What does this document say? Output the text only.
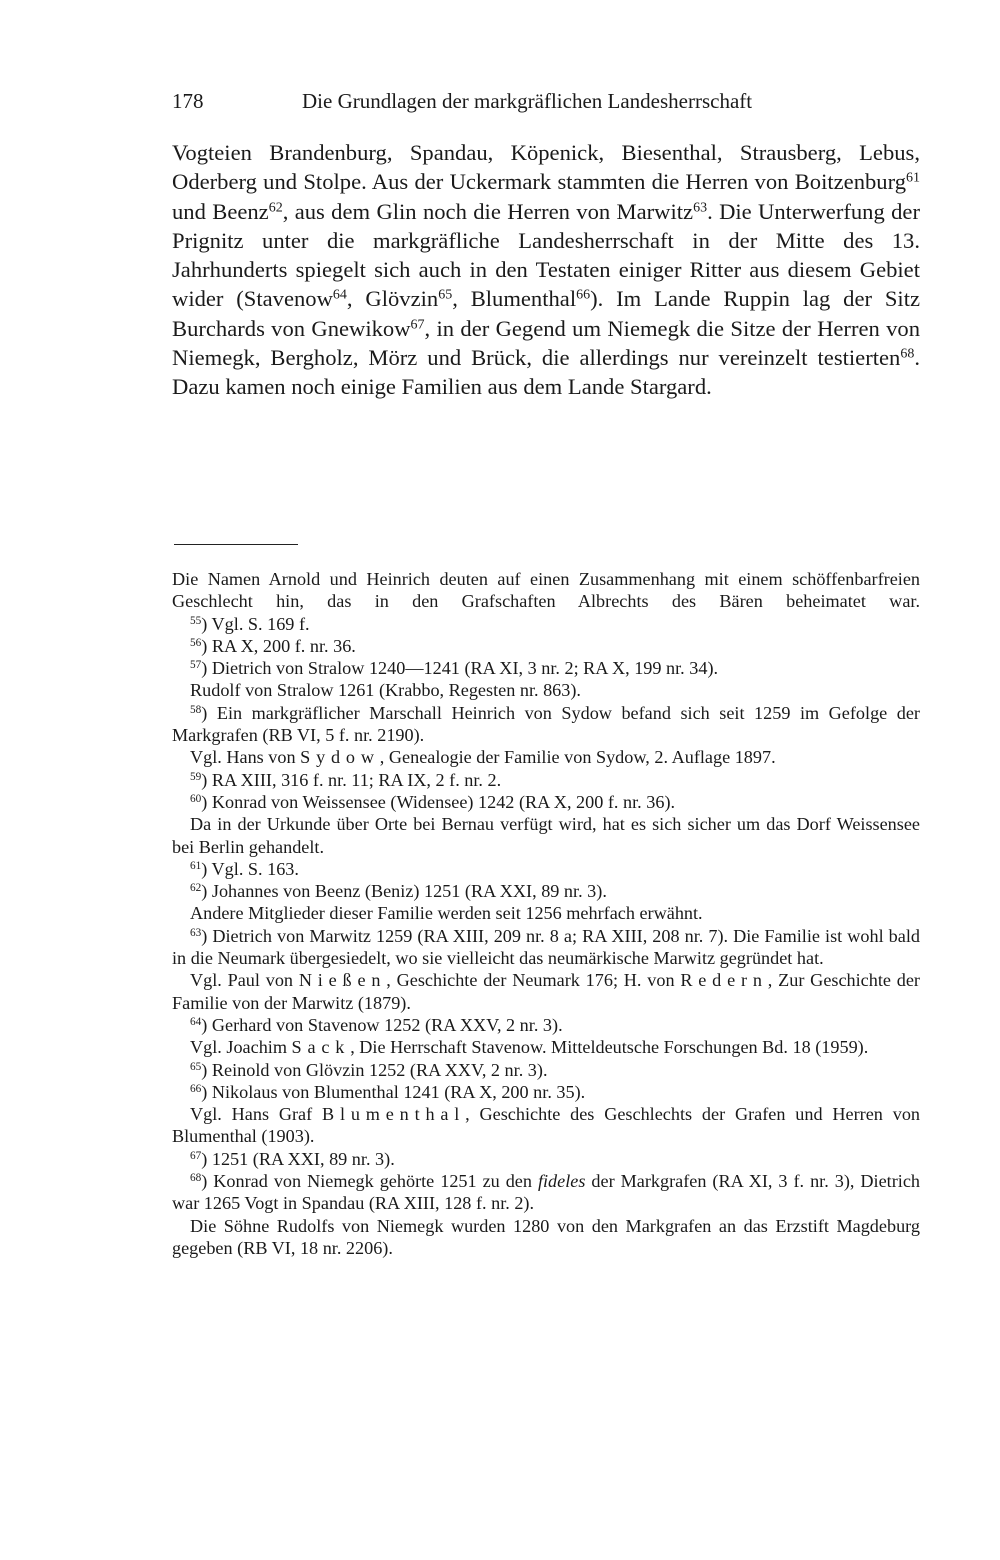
178	Die Grundlagen der markgräflichen Landesherrschaft

Vogteien Brandenburg, Spandau, Köpenick, Biesenthal, Strausberg, Lebus, Oderberg und Stolpe. Aus der Uckermark stammten die Herren von Boitzenburg$^{61}$ und Beenz$^{62}$, aus dem Glin noch die Herren von Marwitz$^{63}$. Die Unterwerfung der Prignitz unter die markgräfliche Landesherrschaft in der Mitte des 13. Jahrhunderts spiegelt sich auch in den Testaten einiger Ritter aus diesem Gebiet wider (Stavenow$^{64}$, Glövzin$^{65}$, Blumenthal$^{66}$). Im Lande Ruppin lag der Sitz Burchards von Gnewikow$^{67}$, in der Gegend um Niemegk die Sitze der Herren von Niemegk, Bergholz, Mörz und Brück, die allerdings nur vereinzelt testierten$^{68}$. Dazu kamen noch einige Familien aus dem Lande Stargard.

Die Namen Arnold und Heinrich deuten auf einen Zusammenhang mit einem schöffenbarfreien Geschlecht hin, das in den Grafschaften Albrechts des Bären beheimatet war.

$^{55}$) Vgl. S. 169 f.

$^{56}$) RA X, 200 f. nr. 36.

$^{57}$) Dietrich von Stralow 1240—1241 (RA XI, 3 nr. 2; RA X, 199 nr. 34).

Rudolf von Stralow 1261 (Krabbo, Regesten nr. 863).

$^{58}$) Ein markgräflicher Marschall Heinrich von Sydow befand sich seit 1259 im Gefolge der Markgrafen (RB VI, 5 f. nr. 2190).

Vgl. Hans von Sydow, Genealogie der Familie von Sydow, 2. Auflage 1897.

$^{59}$) RA XIII, 316 f. nr. 11; RA IX, 2 f. nr. 2.

$^{60}$) Konrad von Weissensee (Widensee) 1242 (RA X, 200 f. nr. 36).

Da in der Urkunde über Orte bei Bernau verfügt wird, hat es sich sicher um das Dorf Weissensee bei Berlin gehandelt.

$^{61}$) Vgl. S. 163.

$^{62}$) Johannes von Beenz (Beniz) 1251 (RA XXI, 89 nr. 3).

Andere Mitglieder dieser Familie werden seit 1256 mehrfach erwähnt.

$^{63}$) Dietrich von Marwitz 1259 (RA XIII, 209 nr. 8 a; RA XIII, 208 nr. 7). Die Familie ist wohl bald in die Neumark übergesiedelt, wo sie vielleicht das neumärkische Marwitz gegründet hat.

Vgl. Paul von Nießen, Geschichte der Neumark 176; H. von Redern, Zur Geschichte der Familie von der Marwitz (1879).

$^{64}$) Gerhard von Stavenow 1252 (RA XXV, 2 nr. 3).

Vgl. Joachim Sack, Die Herrschaft Stavenow. Mitteldeutsche Forschungen Bd. 18 (1959).

$^{65}$) Reinold von Glövzin 1252 (RA XXV, 2 nr. 3).

$^{66}$) Nikolaus von Blumenthal 1241 (RA X, 200 nr. 35).

Vgl. Hans Graf Blumenthal, Geschichte des Geschlechts der Grafen und Herren von Blumenthal (1903).

$^{67}$) 1251 (RA XXI, 89 nr. 3).

$^{68}$) Konrad von Niemegk gehörte 1251 zu den fideles der Markgrafen (RA XI, 3 f. nr. 3), Dietrich war 1265 Vogt in Spandau (RA XIII, 128 f. nr. 2).

Die Söhne Rudolfs von Niemegk wurden 1280 von den Markgrafen an das Erzstift Magdeburg gegeben (RB VI, 18 nr. 2206).
